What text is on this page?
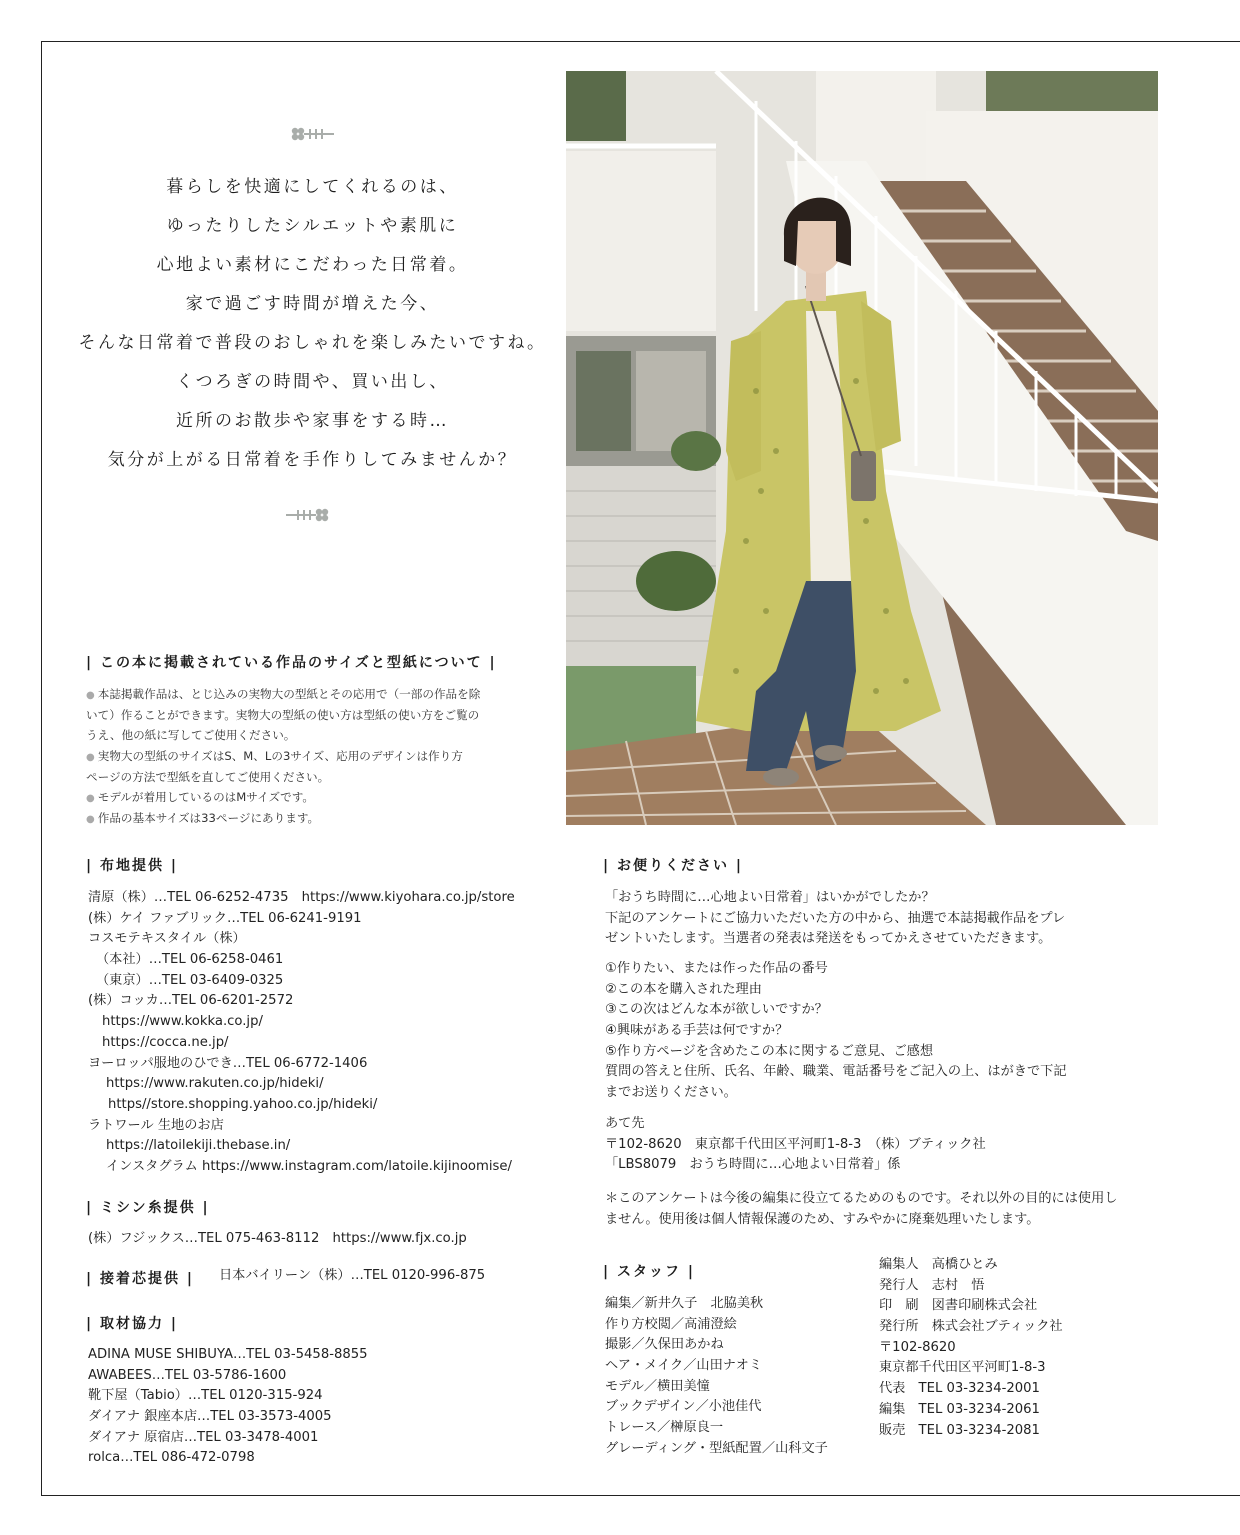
暮らしを快適にしてくれるのは、
ゆったりしたシルエットや素肌に
心地よい素材にこだわった日常着。
家で過ごす時間が増えた今、
そんな日常着で普段のおしゃれを楽しみたいですね。
くつろぎの時間や、買い出し、
近所のお散歩や家事をする時…
気分が上がる日常着を手作りしてみませんか？
| この本に掲載されている作品のサイズと型紙について |
● 本誌掲載作品は、とじ込みの実物大の型紙とその応用で（一部の作品を除
いて）作ることができます。実物大の型紙の使い方は型紙の使い方をご覧の
うえ、他の紙に写してご使用ください。
● 実物大の型紙のサイズはS、M、Lの3サイズ、応用のデザインは作り方
ページの方法で型紙を直してご使用ください。
● モデルが着用しているのはMサイズです。
● 作品の基本サイズは33ページにあります。
| 布地提供 |
清原（株）…TEL 06-6252-4735　https://www.kiyohara.co.jp/store
(株）ケイ ファブリック…TEL 06-6241-9191
コスモテキスタイル（株）
（本社）…TEL 06-6258-0461
（東京）…TEL 03-6409-0325
(株）コッカ…TEL 06-6201-2572
https://www.kokka.co.jp/
https://cocca.ne.jp/
ヨーロッパ服地のひでき…TEL 06-6772-1406
https://www.rakuten.co.jp/hideki/
https//store.shopping.yahoo.co.jp/hideki/
ラトワール 生地のお店
https://latoilekiji.thebase.in/
インスタグラム https://www.instagram.com/latoile.kijinoomise/
| ミシン糸提供 |
(株）フジックス…TEL 075-463-8112　https://www.fjx.co.jp
| 接着芯提供 | 日本バイリーン（株）…TEL 0120-996-875
| 取材協力 |
ADINA MUSE SHIBUYA…TEL 03-5458-8855
AWABEES…TEL 03-5786-1600
靴下屋（Tabio）…TEL 0120-315-924
ダイアナ 銀座本店…TEL 03-3573-4005
ダイアナ 原宿店…TEL 03-3478-4001
rolca…TEL 086-472-0798
| お便りください |
「おうち時間に…心地よい日常着」はいかがでしたか？
下記のアンケートにご協力いただいた方の中から、抽選で本誌掲載作品をプレ
ゼントいたします。当選者の発表は発送をもってかえさせていただきます。
①作りたい、または作った作品の番号
②この本を購入された理由
③この次はどんな本が欲しいですか？
④興味がある手芸は何ですか？
⑤作り方ページを含めたこの本に関するご意見、ご感想
質問の答えと住所、氏名、年齢、職業、電話番号をご記入の上、はがきで下記
までお送りください。
あて先
〒102-8620　東京都千代田区平河町1-8-3　（株）ブティック社
「LBS8079　おうち時間に…心地よい日常着」係
＊このアンケートは今後の編集に役立てるためのものです。それ以外の目的には使用し
ません。使用後は個人情報保護のため、すみやかに廃棄処理いたします。
| スタッフ |
編集／新井久子　北脇美秋
作り方校閲／高浦澄絵
撮影／久保田あかね
ヘア・メイク／山田ナオミ
モデル／横田美憧
ブックデザイン／小池佳代
トレース／榊原良一
グレーディング・型紙配置／山科文子
編集人　高橋ひとみ
発行人　志村　悟
印　刷　図書印刷株式会社
発行所　株式会社ブティック社
〒102-8620
東京都千代田区平河町1-8-3
代表　TEL 03-3234-2001
編集　TEL 03-3234-2061
販売　TEL 03-3234-2081
